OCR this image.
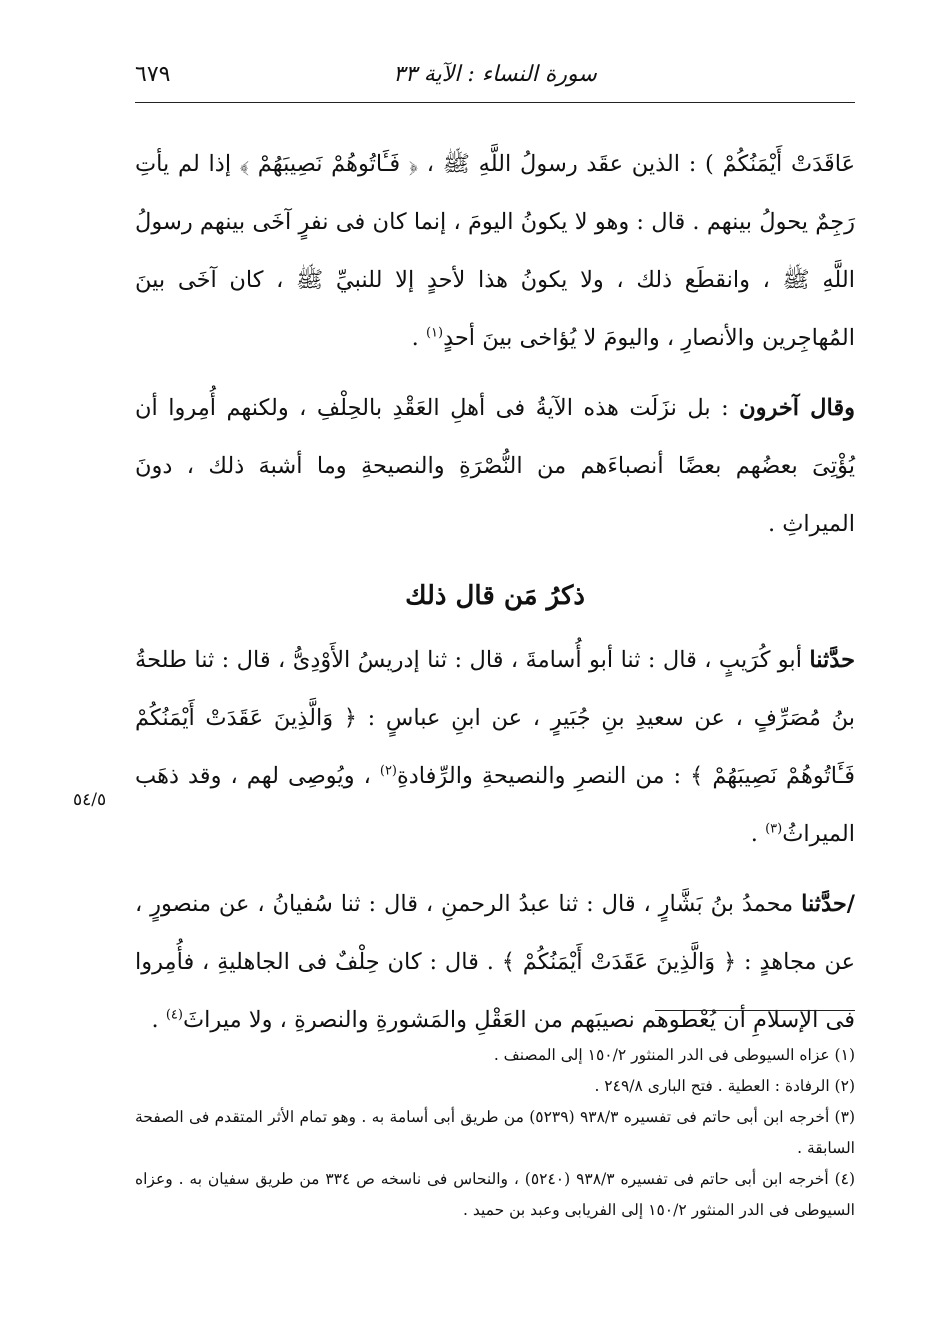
٦٧٩	سورة النساء : الآية ٣٣
٥٤/٥

عَاقَدَتْ أَيْمَنُكُمْ ) : الذين عقَد رسولُ اللَّهِ ﷺ ، ﴿ فَـَٔاتُوهُمْ نَصِيبَهُمْ ﴾ إذا لم يأتِ رَجِمٌ يحولُ بينهم . قال : وهو لا يكونُ اليومَ ، إنما كان فى نفرٍ آخَى بينهم رسولُ اللَّهِ ﷺ ، وانقطَع ذلك ، ولا يكونُ هذا لأحدٍ إلا للنبيِّ ﷺ ، كان آخَى بينَ المُهاجِرين والأنصارِ ، واليومَ لا يُؤاخى بينَ أحدٍ$^{(١)}$ .

وقال آخرون : بل نزَلَت هذه الآيةُ فى أهلِ العَقْدِ بالحِلْفِ ، ولكنهم أُمِروا أن يُؤْتِىَ بعضُهم بعضًا أنصباءَهم من النُّصْرَةِ والنصيحةِ وما أشبهَ ذلك ، دونَ الميراثِ .

ذكرُ مَن قال ذلك

حدَّثنا أبو كُرَيبٍ ، قال : ثنا أبو أُسامةَ ، قال : ثنا إدريسُ الأَوْدِىُّ ، قال : ثنا طلحةُ بنُ مُصَرِّفٍ ، عن سعيدِ بنِ جُبَيرٍ ، عن ابنِ عباسٍ : ﴿ وَالَّذِينَ عَقَدَتْ أَيْمَنُكُمْ فَـَٔاتُوهُمْ نَصِيبَهُمْ ﴾ : من النصرِ والنصيحةِ والرِّفادةِ$^{(٢)}$ ، ويُوصِى لهم ، وقد ذهَب الميراثُ$^{(٣)}$ .

/حدَّثنا محمدُ بنُ بَشَّارٍ ، قال : ثنا عبدُ الرحمنِ ، قال : ثنا سُفيانُ ، عن منصورٍ ، عن مجاهدٍ : ﴿ وَالَّذِينَ عَقَدَتْ أَيْمَنُكُمْ ﴾ . قال : كان حِلْفٌ فى الجاهليةِ ، فأُمِروا فى الإسلامِ أن يُعْطوهم نصيبَهم من العَقْلِ والمَشورةِ والنصرةِ ، ولا ميراثَ$^{(٤)}$ .

(١) عزاه السيوطى فى الدر المنثور ١٥٠/٢ إلى المصنف .

(٢) الرفادة : العطية . فتح البارى ٢٤٩/٨ .

(٣) أخرجه ابن أبى حاتم فى تفسيره ٩٣٨/٣ (٥٢٣٩) من طريق أبى أسامة به . وهو تمام الأثر المتقدم فى الصفحة السابقة .

(٤) أخرجه ابن أبى حاتم فى تفسيره ٩٣٨/٣ (٥٢٤٠) ، والنحاس فى ناسخه ص ٣٣٤ من طريق سفيان به . وعزاه السيوطى فى الدر المنثور ١٥٠/٢ إلى الفريابى وعبد بن حميد .
